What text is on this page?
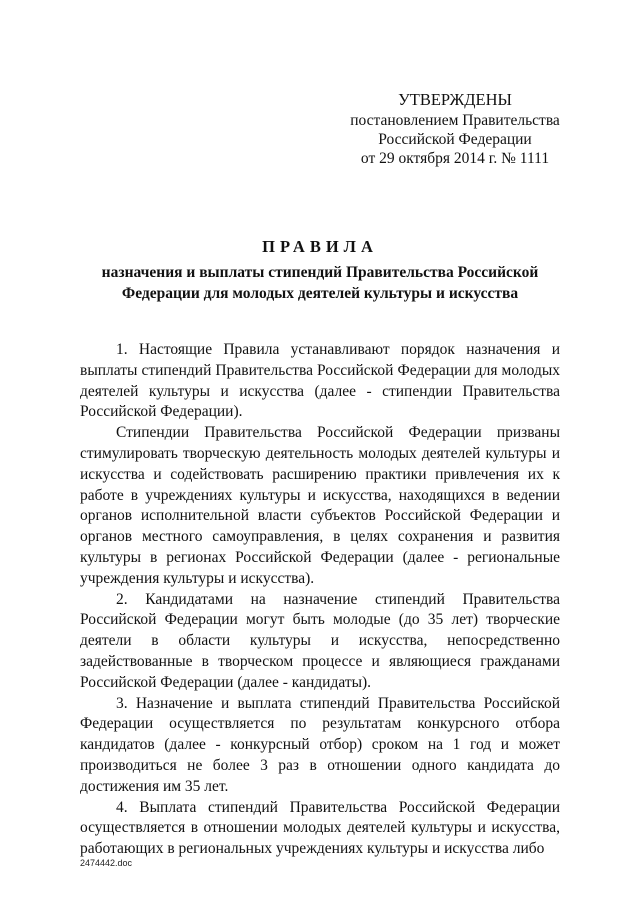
УТВЕРЖДЕНЫ
постановлением Правительства
Российской Федерации
от 29 октября 2014 г. № 1111
ПРАВИЛА
назначения и выплаты стипендий Правительства Российской Федерации для молодых деятелей культуры и искусства

1. Настоящие Правила устанавливают порядок назначения и выплаты стипендий Правительства Российской Федерации для молодых деятелей культуры и искусства (далее - стипендии Правительства Российской Федерации).

Стипендии Правительства Российской Федерации призваны стимулировать творческую деятельность молодых деятелей культуры и искусства и содействовать расширению практики привлечения их к работе в учреждениях культуры и искусства, находящихся в ведении органов исполнительной власти субъектов Российской Федерации и органов местного самоуправления, в целях сохранения и развития культуры в регионах Российской Федерации (далее - региональные учреждения культуры и искусства).

2. Кандидатами на назначение стипендий Правительства Российской Федерации могут быть молодые (до 35 лет) творческие деятели в области культуры и искусства, непосредственно задействованные в творческом процессе и являющиеся гражданами Российской Федерации (далее - кандидаты).

3. Назначение и выплата стипендий Правительства Российской Федерации осуществляется по результатам конкурсного отбора кандидатов (далее - конкурсный отбор) сроком на 1 год и может производиться не более 3 раз в отношении одного кандидата до достижения им 35 лет.

4. Выплата стипендий Правительства Российской Федерации осуществляется в отношении молодых деятелей культуры и искусства, работающих в региональных учреждениях культуры и искусства либо

2474442.doc
